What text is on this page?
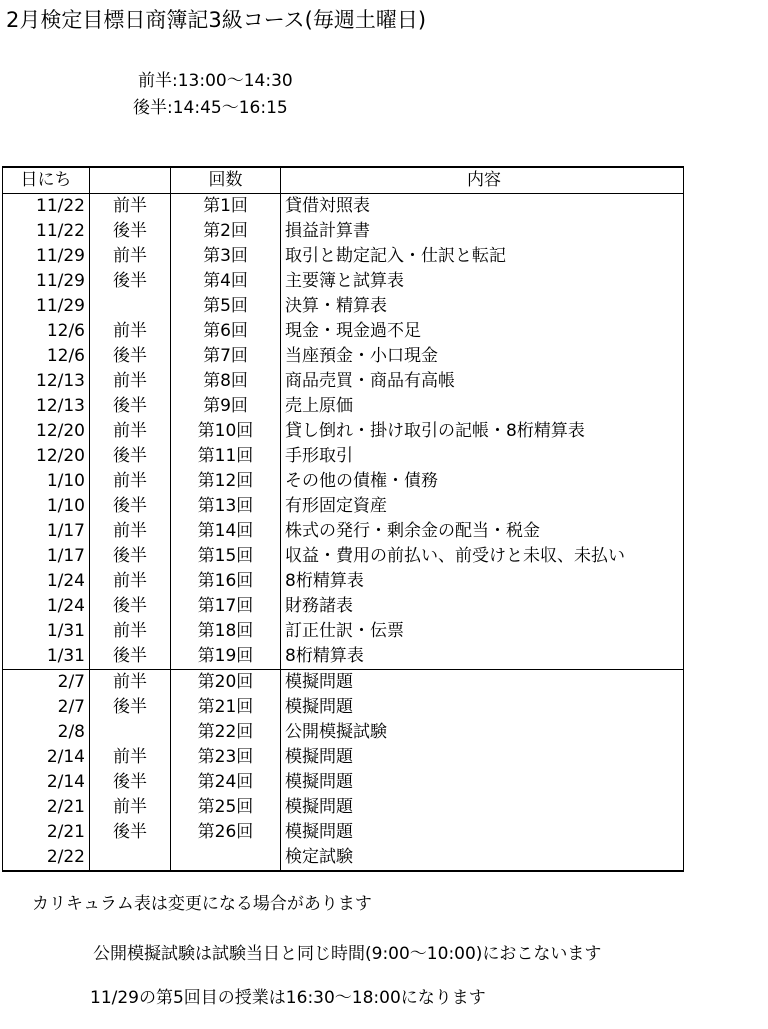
2月検定目標日商簿記3級コース(毎週土曜日)
前半:13:00～14:30
後半:14:45～16:15
日にち		回数	内容
11/22	前半	第1回	貸借対照表
11/22	後半	第2回	損益計算書
11/29	前半	第3回	取引と勘定記入・仕訳と転記
11/29	後半	第4回	主要簿と試算表
11/29		第5回	決算・精算表
12/6	前半	第6回	現金・現金過不足
12/6	後半	第7回	当座預金・小口現金
12/13	前半	第8回	商品売買・商品有高帳
12/13	後半	第9回	売上原価
12/20	前半	第10回	貸し倒れ・掛け取引の記帳・8桁精算表
12/20	後半	第11回	手形取引
1/10	前半	第12回	その他の債権・債務
1/10	後半	第13回	有形固定資産
1/17	前半	第14回	株式の発行・剰余金の配当・税金
1/17	後半	第15回	収益・費用の前払い、前受けと未収、未払い
1/24	前半	第16回	8桁精算表
1/24	後半	第17回	財務諸表
1/31	前半	第18回	訂正仕訳・伝票
1/31	後半	第19回	8桁精算表
2/7	前半	第20回	模擬問題
2/7	後半	第21回	模擬問題
2/8		第22回	公開模擬試験
2/14	前半	第23回	模擬問題
2/14	後半	第24回	模擬問題
2/21	前半	第25回	模擬問題
2/21	後半	第26回	模擬問題
2/22			検定試験
カリキュラム表は変更になる場合があります
公開模擬試験は試験当日と同じ時間(9:00～10:00)におこないます
11/29の第5回目の授業は16:30～18:00になります
